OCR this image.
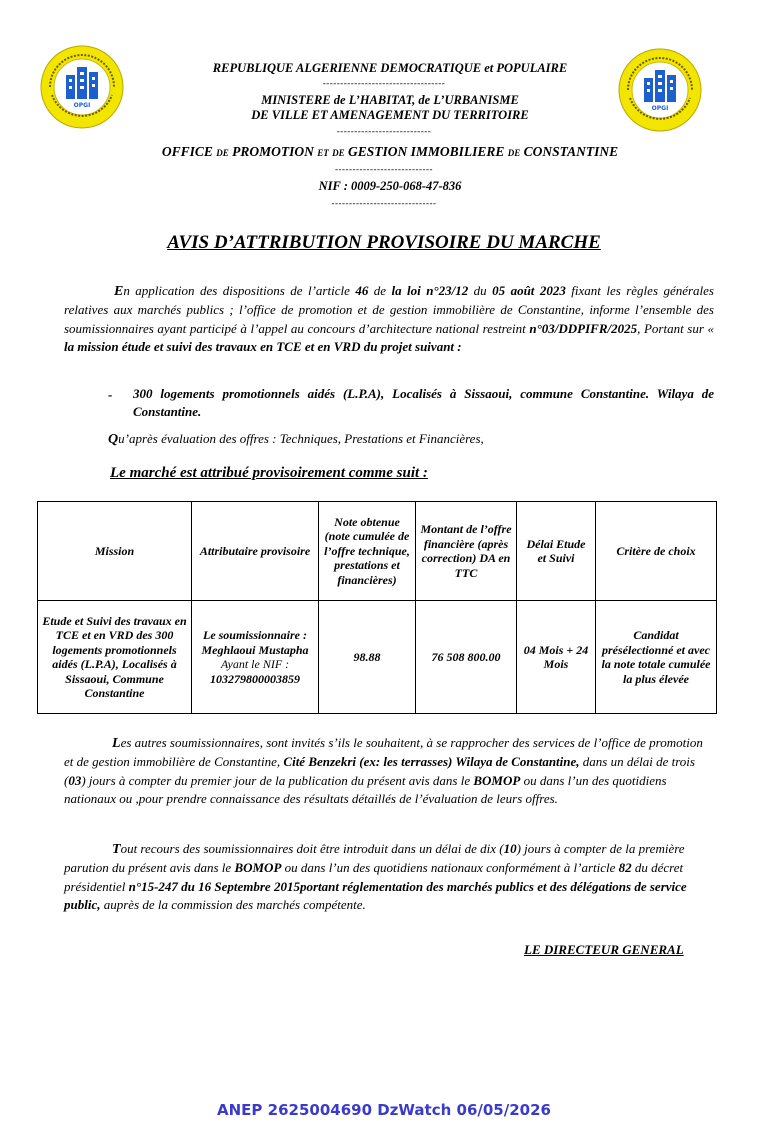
OPGI	OPGI
REPUBLIQUE ALGERIENNE DEMOCRATIQUE et POPULAIRE
-----------------------------------
MINISTERE de L’HABITAT, de L’URBANISME
DE VILLE ET AMENAGEMENT DU TERRITOIRE
---------------------------
OFFICE de PROMOTION et de GESTION IMMOBILIERE de CONSTANTINE
----------------------------
NIF : 0009-250-068-47-836
------------------------------
AVIS D’ATTRIBUTION PROVISOIRE DU MARCHE

En application des dispositions de l’article 46 de la loi n°23/12 du 05 août 2023 fixant les règles générales relatives aux marchés publics ; l’office de promotion et de gestion immobilière de Constantine, informe l’ensemble des soumissionnaires ayant participé à l’appel au concours d’architecture national restreint n°03/DDPIFR/2025, Portant sur « la mission étude et suivi des travaux en TCE et en VRD du projet suivant :

- 300 logements promotionnels aidés (L.P.A), Localisés à Sissaoui, commune Constantine. Wilaya de Constantine.

Qu’après évaluation des offres : Techniques, Prestations et Financières,

Le marché est attribué provisoirement comme suit :
Mission	Attributaire provisoire	Note obtenue (note cumulée de l’offre technique, prestations et financières)	Montant de l’offre financière (après correction) DA en TTC	Délai Etude et Suivi	Critère de choix
Etude et Suivi des travaux en TCE et en VRD des 300 logements promotionnels aidés (L.P.A), Localisés à Sissaoui, Commune Constantine	Le soumissionnaire :
Meghlaoui Mustapha
Ayant le NIF :
103279800003859	98.88	76 508 800.00	04 Mois + 24 Mois	Candidat présélectionné et avec la note totale cumulée la plus élevée

Les autres soumissionnaires, sont invités s’ils le souhaitent, à se rapprocher des services de l’office de promotion et de gestion immobilière de Constantine, Cité Benzekri (ex: les terrasses) Wilaya de Constantine, dans un délai de trois (03) jours à compter du premier jour de la publication du présent avis dans le BOMOP ou dans l’un des quotidiens nationaux ou ,pour prendre connaissance des résultats détaillés de l’évaluation de leurs offres.

Tout recours des soumissionnaires doit être introduit dans un délai de dix (10) jours à compter de la première parution du présent avis dans le BOMOP ou dans l’un des quotidiens nationaux conformément à l’article 82 du décret présidentiel n°15-247 du 16 Septembre 2015portant réglementation des marchés publics et des délégations de service public, auprès de la commission des marchés compétente.

LE DIRECTEUR GENERAL
ANEP 2625004690 DzWatch 06/05/2026
